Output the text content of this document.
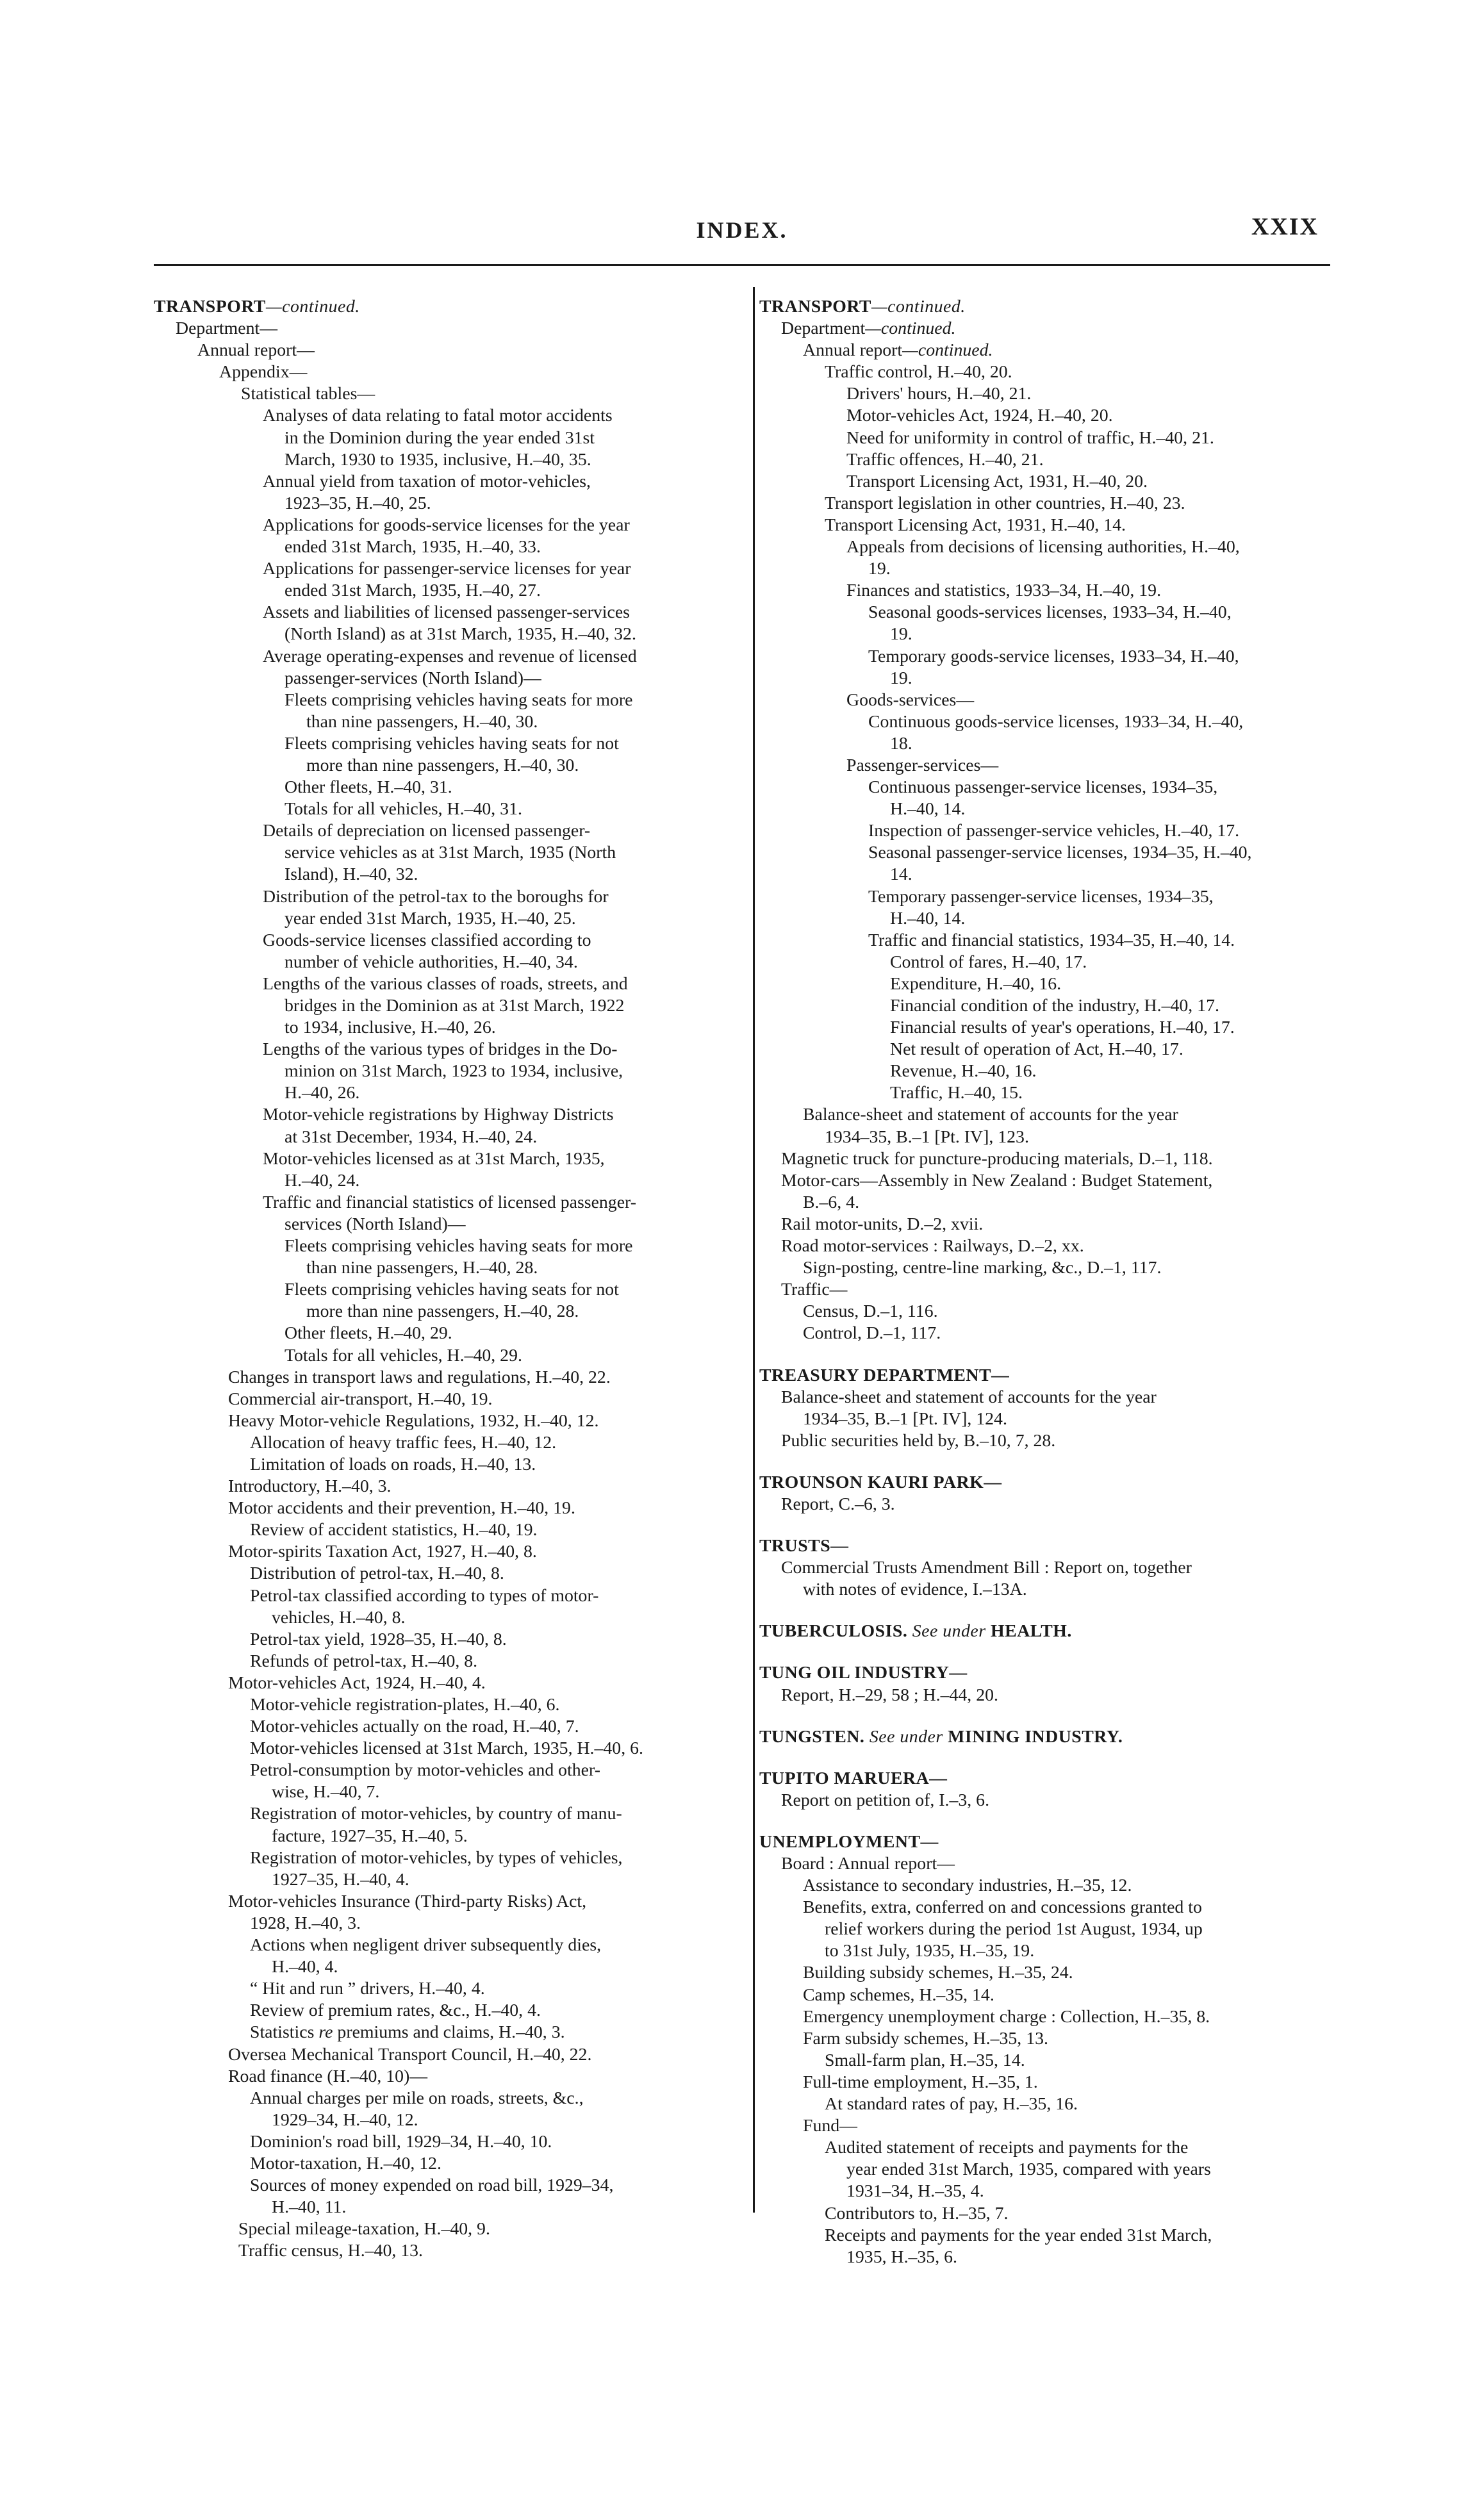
INDEX.	XXIX
TRANSPORT—continued.
Department—
Annual report—
Appendix—
Statistical tables—
Analyses of data relating to fatal motor accidents
in the Dominion during the year ended 31st
March, 1930 to 1935, inclusive, H.–40, 35.
Annual yield from taxation of motor-vehicles,
1923–35, H.–40, 25.
Applications for goods-service licenses for the year
ended 31st March, 1935, H.–40, 33.
Applications for passenger-service licenses for year
ended 31st March, 1935, H.–40, 27.
Assets and liabilities of licensed passenger-services
(North Island) as at 31st March, 1935, H.–40, 32.
Average operating-expenses and revenue of licensed
passenger-services (North Island)—
Fleets comprising vehicles having seats for more
than nine passengers, H.–40, 30.
Fleets comprising vehicles having seats for not
more than nine passengers, H.–40, 30.
Other fleets, H.–40, 31.
Totals for all vehicles, H.–40, 31.
Details of depreciation on licensed passenger-
service vehicles as at 31st March, 1935 (North
Island), H.–40, 32.
Distribution of the petrol-tax to the boroughs for
year ended 31st March, 1935, H.–40, 25.
Goods-service licenses classified according to
number of vehicle authorities, H.–40, 34.
Lengths of the various classes of roads, streets, and
bridges in the Dominion as at 31st March, 1922
to 1934, inclusive, H.–40, 26.
Lengths of the various types of bridges in the Do-
minion on 31st March, 1923 to 1934, inclusive,
H.–40, 26.
Motor-vehicle registrations by Highway Districts
at 31st December, 1934, H.–40, 24.
Motor-vehicles licensed as at 31st March, 1935,
H.–40, 24.
Traffic and financial statistics of licensed passenger-
services (North Island)—
Fleets comprising vehicles having seats for more
than nine passengers, H.–40, 28.
Fleets comprising vehicles having seats for not
more than nine passengers, H.–40, 28.
Other fleets, H.–40, 29.
Totals for all vehicles, H.–40, 29.
Changes in transport laws and regulations, H.–40, 22.
Commercial air-transport, H.–40, 19.
Heavy Motor-vehicle Regulations, 1932, H.–40, 12.
Allocation of heavy traffic fees, H.–40, 12.
Limitation of loads on roads, H.–40, 13.
Introductory, H.–40, 3.
Motor accidents and their prevention, H.–40, 19.
Review of accident statistics, H.–40, 19.
Motor-spirits Taxation Act, 1927, H.–40, 8.
Distribution of petrol-tax, H.–40, 8.
Petrol-tax classified according to types of motor-
vehicles, H.–40, 8.
Petrol-tax yield, 1928–35, H.–40, 8.
Refunds of petrol-tax, H.–40, 8.
Motor-vehicles Act, 1924, H.–40, 4.
Motor-vehicle registration-plates, H.–40, 6.
Motor-vehicles actually on the road, H.–40, 7.
Motor-vehicles licensed at 31st March, 1935, H.–40, 6.
Petrol-consumption by motor-vehicles and other-
wise, H.–40, 7.
Registration of motor-vehicles, by country of manu-
facture, 1927–35, H.–40, 5.
Registration of motor-vehicles, by types of vehicles,
1927–35, H.–40, 4.
Motor-vehicles Insurance (Third-party Risks) Act,
1928, H.–40, 3.
Actions when negligent driver subsequently dies,
H.–40, 4.
“ Hit and run ” drivers, H.–40, 4.
Review of premium rates, &c., H.–40, 4.
Statistics re premiums and claims, H.–40, 3.
Oversea Mechanical Transport Council, H.–40, 22.
Road finance (H.–40, 10)—
Annual charges per mile on roads, streets, &c.,
1929–34, H.–40, 12.
Dominion's road bill, 1929–34, H.–40, 10.
Motor-taxation, H.–40, 12.
Sources of money expended on road bill, 1929–34,
H.–40, 11.
Special mileage-taxation, H.–40, 9.
Traffic census, H.–40, 13.
TRANSPORT—continued.
Department—continued.
Annual report—continued.
Traffic control, H.–40, 20.
Drivers' hours, H.–40, 21.
Motor-vehicles Act, 1924, H.–40, 20.
Need for uniformity in control of traffic, H.–40, 21.
Traffic offences, H.–40, 21.
Transport Licensing Act, 1931, H.–40, 20.
Transport legislation in other countries, H.–40, 23.
Transport Licensing Act, 1931, H.–40, 14.
Appeals from decisions of licensing authorities, H.–40,
19.
Finances and statistics, 1933–34, H.–40, 19.
Seasonal goods-services licenses, 1933–34, H.–40,
19.
Temporary goods-service licenses, 1933–34, H.–40,
19.
Goods-services—
Continuous goods-service licenses, 1933–34, H.–40,
18.
Passenger-services—
Continuous passenger-service licenses, 1934–35,
H.–40, 14.
Inspection of passenger-service vehicles, H.–40, 17.
Seasonal passenger-service licenses, 1934–35, H.–40,
14.
Temporary passenger-service licenses, 1934–35,
H.–40, 14.
Traffic and financial statistics, 1934–35, H.–40, 14.
Control of fares, H.–40, 17.
Expenditure, H.–40, 16.
Financial condition of the industry, H.–40, 17.
Financial results of year's operations, H.–40, 17.
Net result of operation of Act, H.–40, 17.
Revenue, H.–40, 16.
Traffic, H.–40, 15.
Balance-sheet and statement of accounts for the year
1934–35, B.–1 [Pt. IV], 123.
Magnetic truck for puncture-producing materials, D.–1, 118.
Motor-cars—Assembly in New Zealand : Budget Statement,
B.–6, 4.
Rail motor-units, D.–2, xvii.
Road motor-services : Railways, D.–2, xx.
Sign-posting, centre-line marking, &c., D.–1, 117.
Traffic—
Census, D.–1, 116.
Control, D.–1, 117.
TREASURY DEPARTMENT—
Balance-sheet and statement of accounts for the year
1934–35, B.–1 [Pt. IV], 124.
Public securities held by, B.–10, 7, 28.
TROUNSON KAURI PARK—
Report, C.–6, 3.
TRUSTS—
Commercial Trusts Amendment Bill : Report on, together
with notes of evidence, I.–13A.
TUBERCULOSIS. See under HEALTH.
TUNG OIL INDUSTRY—
Report, H.–29, 58 ; H.–44, 20.
TUNGSTEN. See under MINING INDUSTRY.
TUPITO MARUERA—
Report on petition of, I.–3, 6.
UNEMPLOYMENT—
Board : Annual report—
Assistance to secondary industries, H.–35, 12.
Benefits, extra, conferred on and concessions granted to
relief workers during the period 1st August, 1934, up
to 31st July, 1935, H.–35, 19.
Building subsidy schemes, H.–35, 24.
Camp schemes, H.–35, 14.
Emergency unemployment charge : Collection, H.–35, 8.
Farm subsidy schemes, H.–35, 13.
Small-farm plan, H.–35, 14.
Full-time employment, H.–35, 1.
At standard rates of pay, H.–35, 16.
Fund—
Audited statement of receipts and payments for the
year ended 31st March, 1935, compared with years
1931–34, H.–35, 4.
Contributors to, H.–35, 7.
Receipts and payments for the year ended 31st March,
1935, H.–35, 6.
